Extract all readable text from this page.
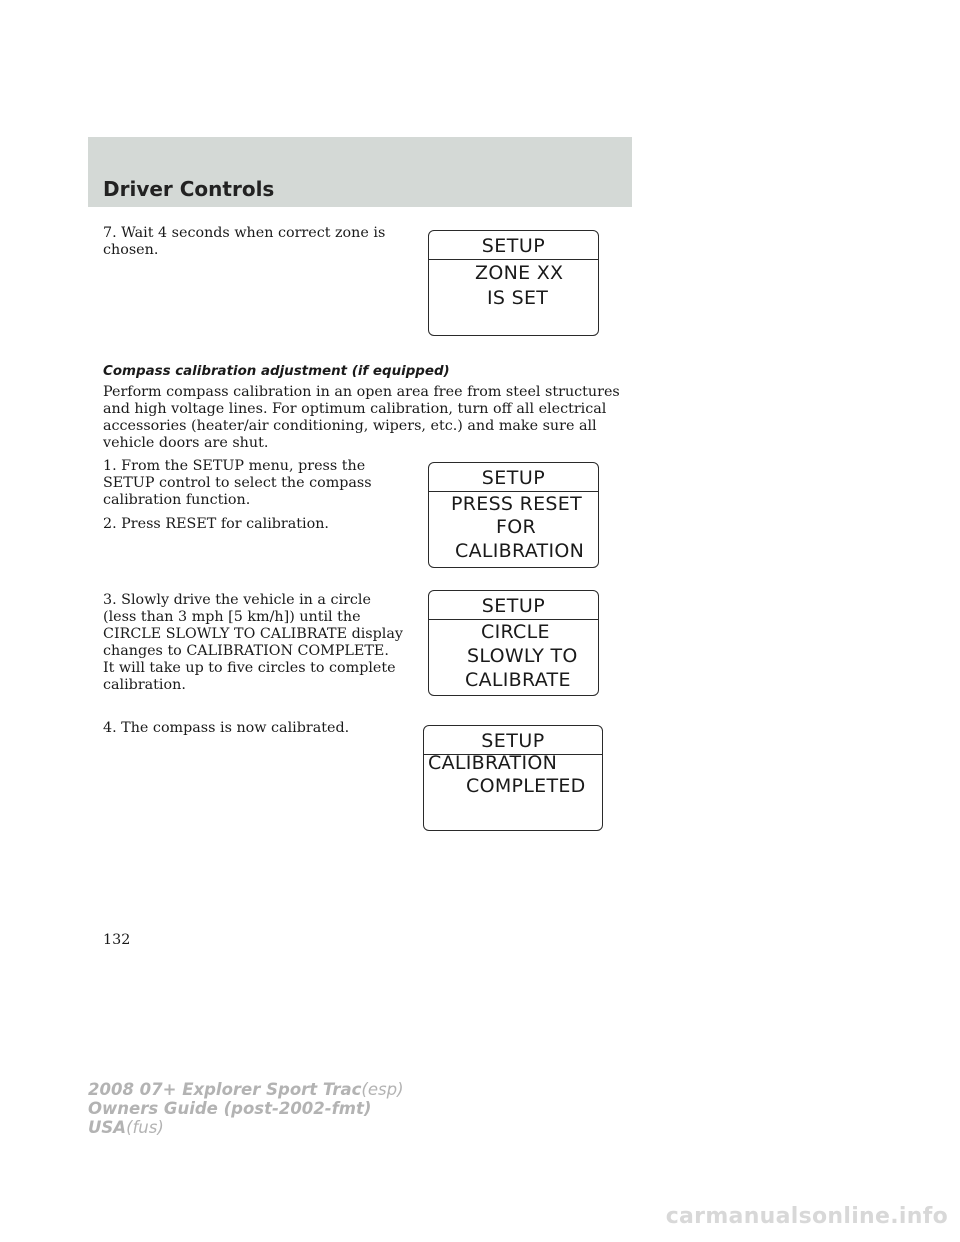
Driver Controls

7. Wait 4 seconds when correct zone is chosen.	SETUP
ZONE XX
IS SET
Compass calibration adjustment (if equipped)

Perform compass calibration in an open area free from steel structures and high voltage lines. For optimum calibration, turn off all electrical accessories (heater/air conditioning, wipers, etc.) and make sure all vehicle doors are shut.

1. From the SETUP menu, press the SETUP control to select the compass calibration function.

2. Press RESET for calibration.

SETUP
PRESS RESET
FOR
CALIBRATION

3. Slowly drive the vehicle in a circle (less than 3 mph [5 km/h]) until the CIRCLE SLOWLY TO CALIBRATE display changes to CALIBRATION COMPLETE. It will take up to five circles to complete calibration.

SETUP
CIRCLE
SLOWLY TO
CALIBRATE

4. The compass is now calibrated.

SETUP
CALIBRATION
COMPLETED
132
2008 07+ Explorer Sport Trac(esp)
Owners Guide (post-2002-fmt)
USA(fus)
carmanualsonline.info
